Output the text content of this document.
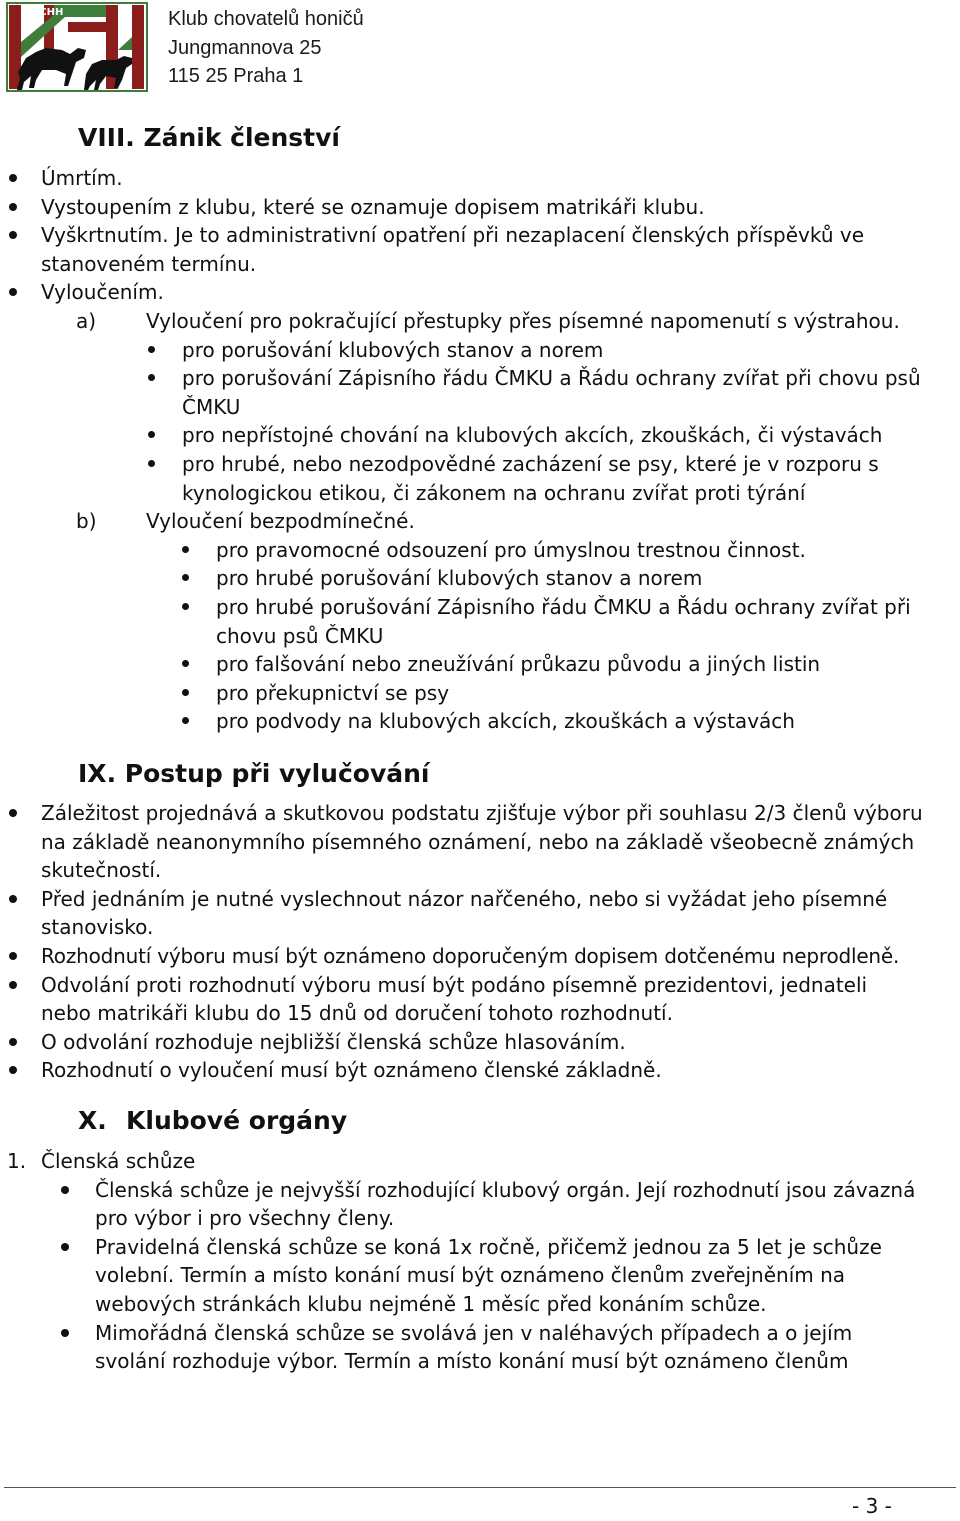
KCHH	Klub chovatelů honičů
Jungmannova 25
115 25 Praha 1
VIII. Zánik členství
Úmrtím.
Vystoupením z klubu, které se oznamuje dopisem matrikáři klubu.
Vyškrtnutím. Je to administrativní opatření při nezaplacení členských příspěvků ve stanoveném termínu.
Vyloučením.
a) Vyloučení pro pokračující přestupky přes písemné napomenutí s výstrahou.
pro porušování klubových stanov a norem
pro porušování Zápisního řádu ČMKU a Řádu ochrany zvířat při chovu psů ČMKU
pro nepřístojné chování na klubových akcích, zkouškách, či výstavách
pro hrubé, nebo nezodpovědné zacházení se psy, které je v rozporu s kynologickou etikou, či zákonem na ochranu zvířat proti týrání
b) Vyloučení bezpodmínečné.
pro pravomocné odsouzení pro úmyslnou trestnou činnost.
pro hrubé porušování klubových stanov a norem
pro hrubé porušování Zápisního řádu ČMKU a Řádu ochrany zvířat při chovu psů ČMKU
pro falšování nebo zneužívání průkazu původu a jiných listin
pro překupnictví se psy
pro podvody na klubových akcích, zkouškách a výstavách
IX. Postup při vylučování
Záležitost projednává a skutkovou podstatu zjišťuje výbor při souhlasu 2/3 členů výboru na základě neanonymního písemného oznámení, nebo na základě všeobecně známých skutečností.
Před jednáním je nutné vyslechnout názor nařčeného, nebo si vyžádat jeho písemné stanovisko.
Rozhodnutí výboru musí být oznámeno doporučeným dopisem dotčenému neprodleně.
Odvolání proti rozhodnutí výboru musí být podáno písemně prezidentovi, jednateli nebo matrikáři klubu do 15 dnů od doručení tohoto rozhodnutí.
O odvolání rozhoduje nejbližší členská schůze hlasováním.
Rozhodnutí o vyloučení musí být oznámeno členské základně.
X. Klubové orgány
1. Členská schůze
Členská schůze je nejvyšší rozhodující klubový orgán. Její rozhodnutí jsou závazná pro výbor i pro všechny členy.
Pravidelná členská schůze se koná 1x ročně, přičemž jednou za 5 let je schůze volební. Termín a místo konání musí být oznámeno členům zveřejněním na webových stránkách klubu nejméně 1 měsíc před konáním schůze.
Mimořádná členská schůze se svolává jen v naléhavých případech a o jejím svolání rozhoduje výbor. Termín a místo konání musí být oznámeno členům
- 3 -
